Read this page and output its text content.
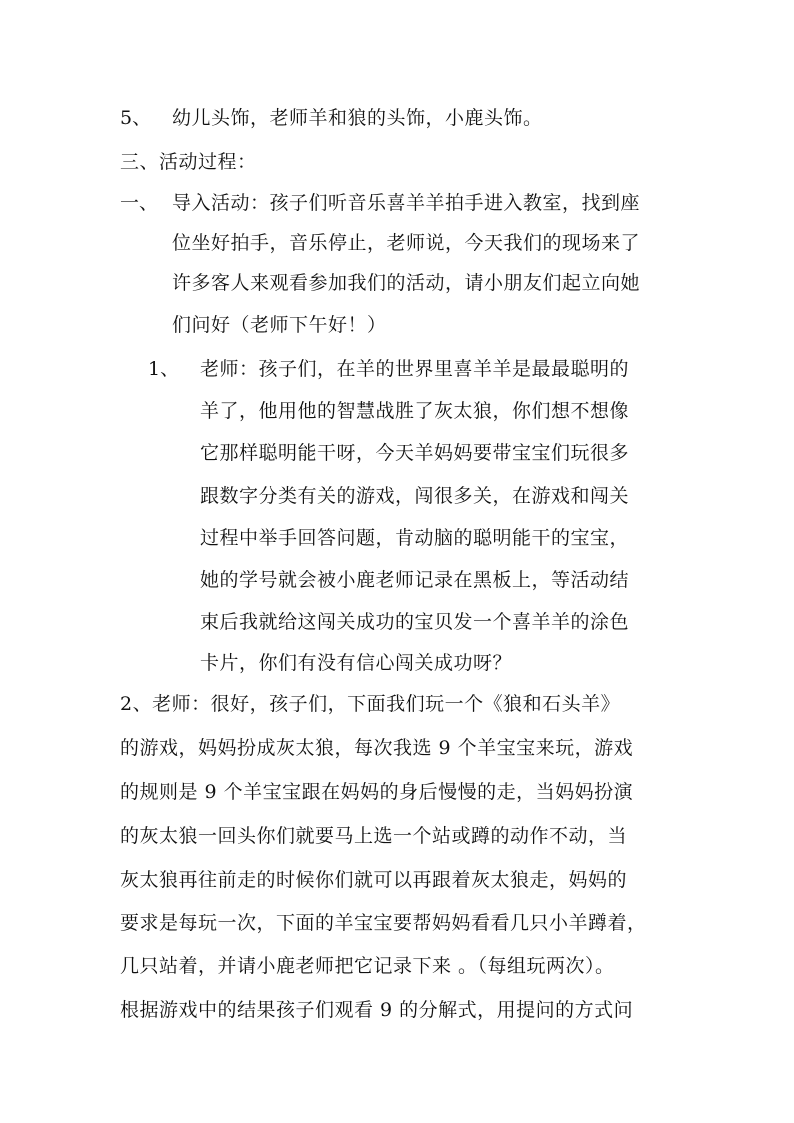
5、 幼儿头饰，老师羊和狼的头饰，小鹿头饰。
三、活动过程：
一、 导入活动：孩子们听音乐喜羊羊拍手进入教室，找到座
位坐好拍手，音乐停止，老师说，今天我们的现场来了
许多客人来观看参加我们的活动，请小朋友们起立向她
们问好（老师下午好！）
1、 老师：孩子们，在羊的世界里喜羊羊是最最聪明的
羊了，他用他的智慧战胜了灰太狼，你们想不想像
它那样聪明能干呀，今天羊妈妈要带宝宝们玩很多
跟数字分类有关的游戏，闯很多关，在游戏和闯关
过程中举手回答问题，肯动脑的聪明能干的宝宝，
她的学号就会被小鹿老师记录在黑板上，等活动结
束后我就给这闯关成功的宝贝发一个喜羊羊的涂色
卡片，你们有没有信心闯关成功呀？
2、老师：很好，孩子们，下面我们玩一个《狼和石头羊》
的游戏，妈妈扮成灰太狼，每次我选 9 个羊宝宝来玩，游戏
的规则是 9 个羊宝宝跟在妈妈的身后慢慢的走，当妈妈扮演
的灰太狼一回头你们就要马上选一个站或蹲的动作不动，当
灰太狼再往前走的时候你们就可以再跟着灰太狼走，妈妈的
要求是每玩一次，下面的羊宝宝要帮妈妈看看几只小羊蹲着，
几只站着，并请小鹿老师把它记录下来 。（每组玩两次）。
根据游戏中的结果孩子们观看 9 的分解式，用提问的方式问
